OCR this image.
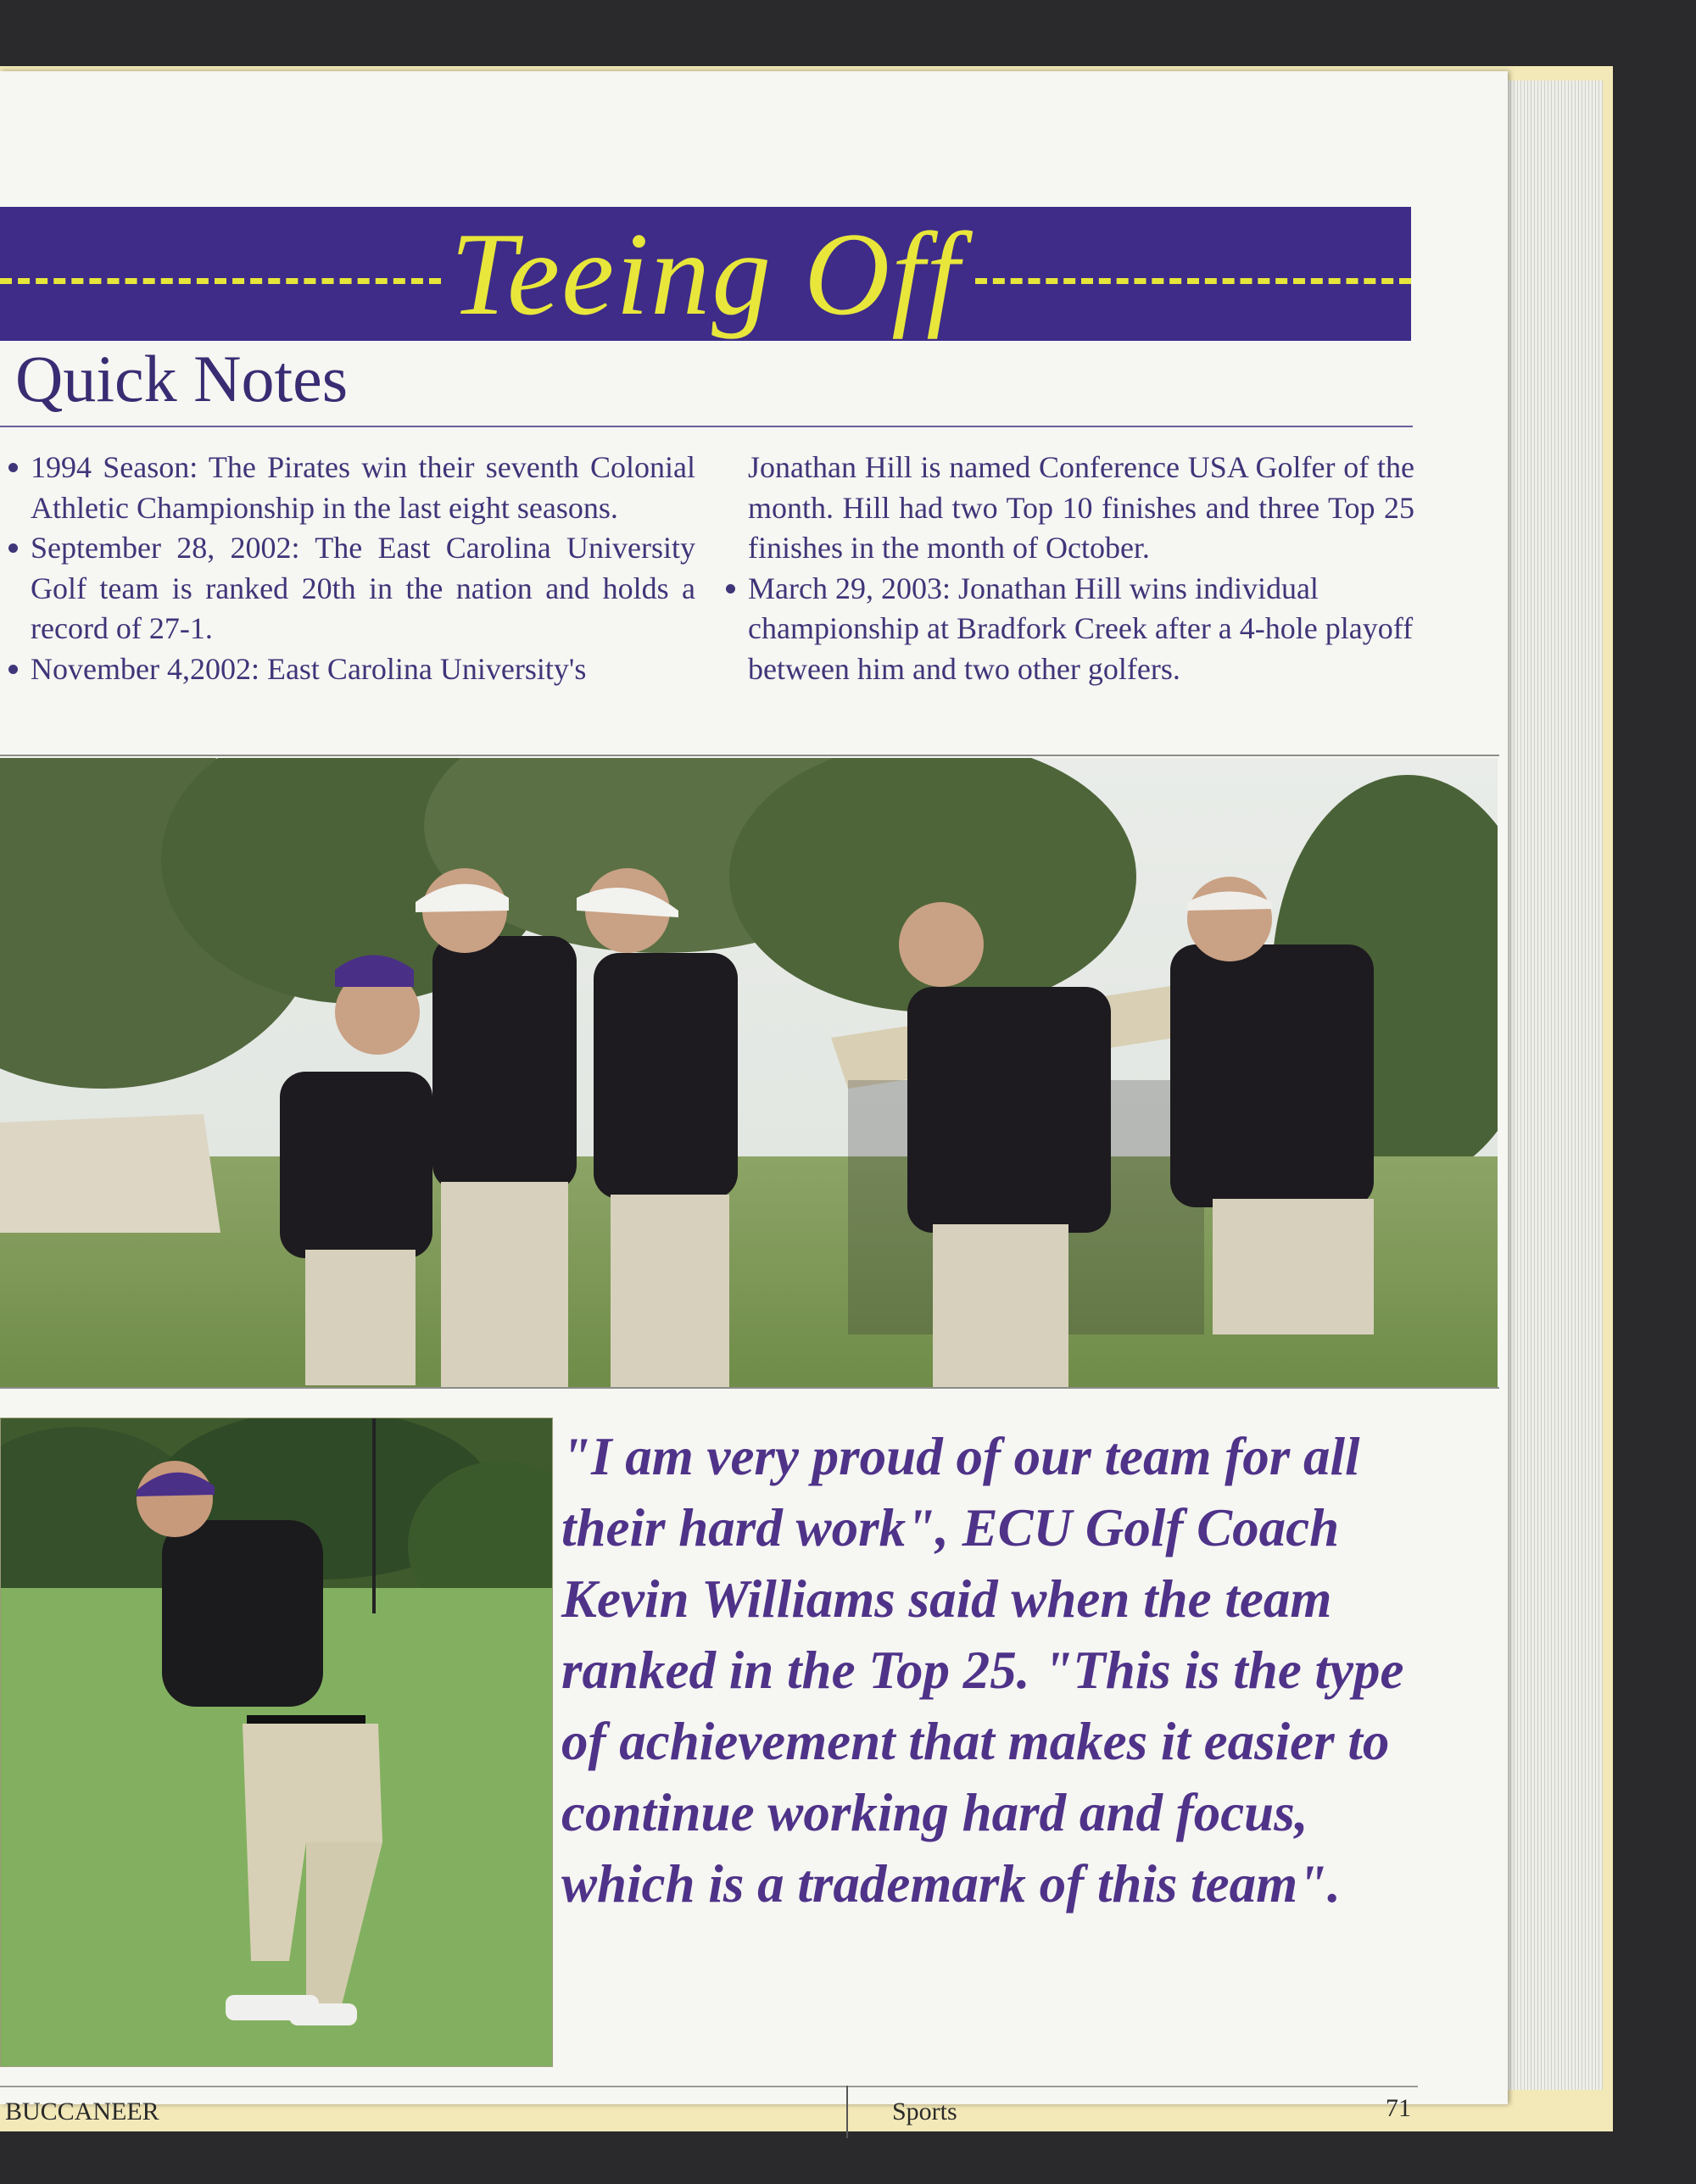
Teeing Off
Quick Notes

1994 Season: The Pirates win their seventh Colonial Athletic Championship in the last eight seasons.

September 28, 2002: The East Carolina University Golf team is ranked 20th in the nation and holds a record of 27-1.

November 4,2002: East Carolina University's

Jonathan Hill is named Conference USA Golfer of the month. Hill had two Top 10 finishes and three Top 25 finishes in the month of October.

March 29, 2003: Jonathan Hill wins individual championship at Bradfork Creek after a 4-hole playoff between him and two other golfers.

"I am very proud of our team for all their hard work", ECU Golf Coach Kevin Williams said when the team ranked in the Top 25. "This is the type of achievement that makes it easier to continue working hard and focus, which is a trademark of this team".
BUCCANEER	Sports	71
